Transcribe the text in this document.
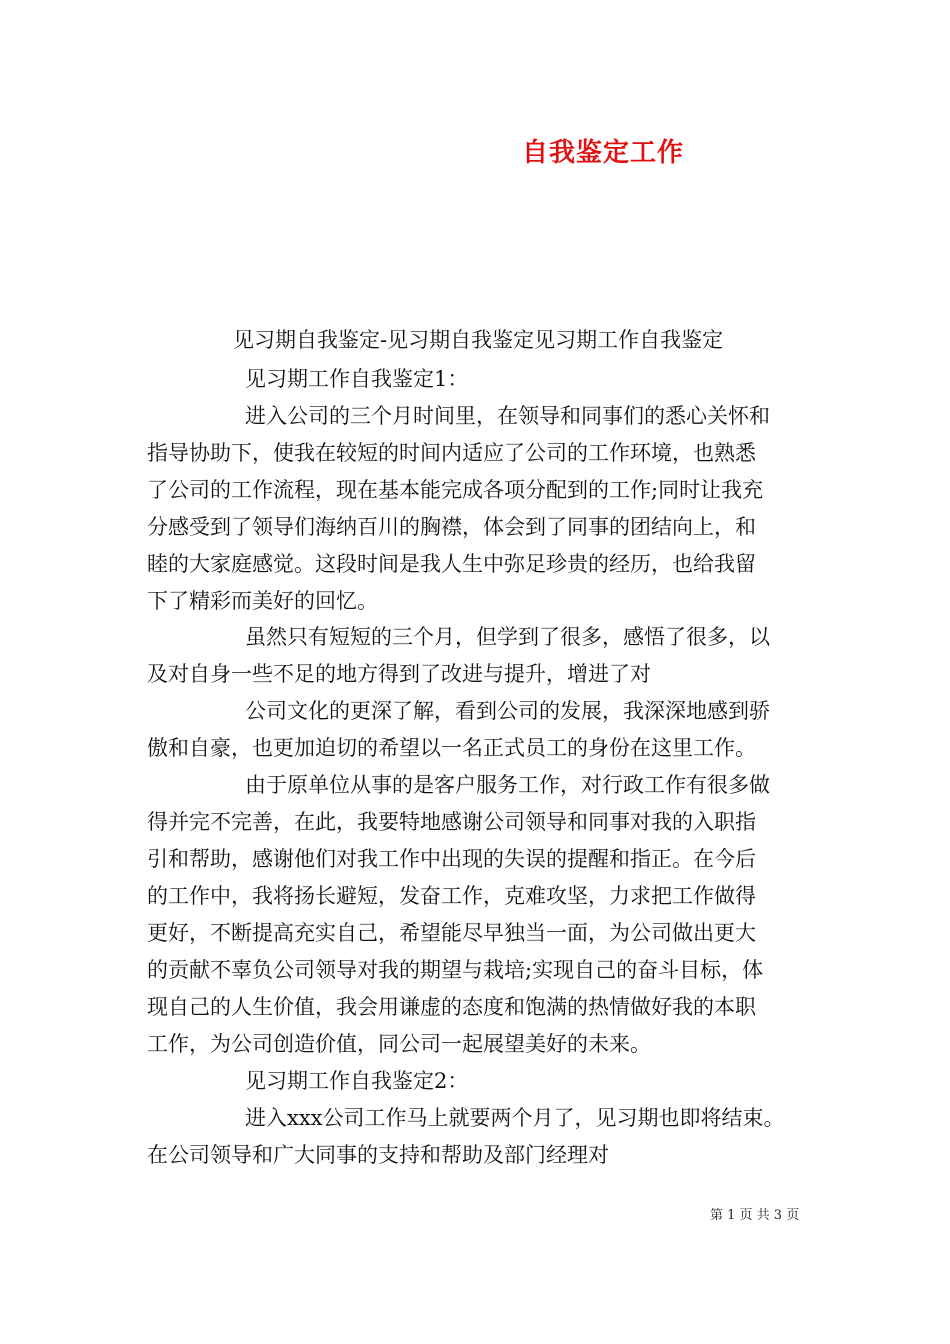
自我鉴定工作
见习期自我鉴定-见习期自我鉴定见习期工作自我鉴定
见习期工作自我鉴定1：
进入公司的三个月时间里，在领导和同事们的悉心关怀和
指导协助下，使我在较短的时间内适应了公司的工作环境，也熟悉
了公司的工作流程，现在基本能完成各项分配到的工作;同时让我充
分感受到了领导们海纳百川的胸襟，体会到了同事的团结向上，和
睦的大家庭感觉。这段时间是我人生中弥足珍贵的经历，也给我留
下了精彩而美好的回忆。
虽然只有短短的三个月，但学到了很多，感悟了很多，以
及对自身一些不足的地方得到了改进与提升，增进了对
公司文化的更深了解，看到公司的发展，我深深地感到骄
傲和自豪，也更加迫切的希望以一名正式员工的身份在这里工作。
由于原单位从事的是客户服务工作，对行政工作有很多做
得并完不完善，在此，我要特地感谢公司领导和同事对我的入职指
引和帮助，感谢他们对我工作中出现的失误的提醒和指正。在今后
的工作中，我将扬长避短，发奋工作，克难攻坚，力求把工作做得
更好，不断提高充实自己，希望能尽早独当一面，为公司做出更大
的贡献不辜负公司领导对我的期望与栽培;实现自己的奋斗目标，体
现自己的人生价值，我会用谦虚的态度和饱满的热情做好我的本职
工作，为公司创造价值，同公司一起展望美好的未来。
见习期工作自我鉴定2：
进入xxx公司工作马上就要两个月了，见习期也即将结束。
在公司领导和广大同事的支持和帮助及部门经理对
第 1 页 共 3 页
